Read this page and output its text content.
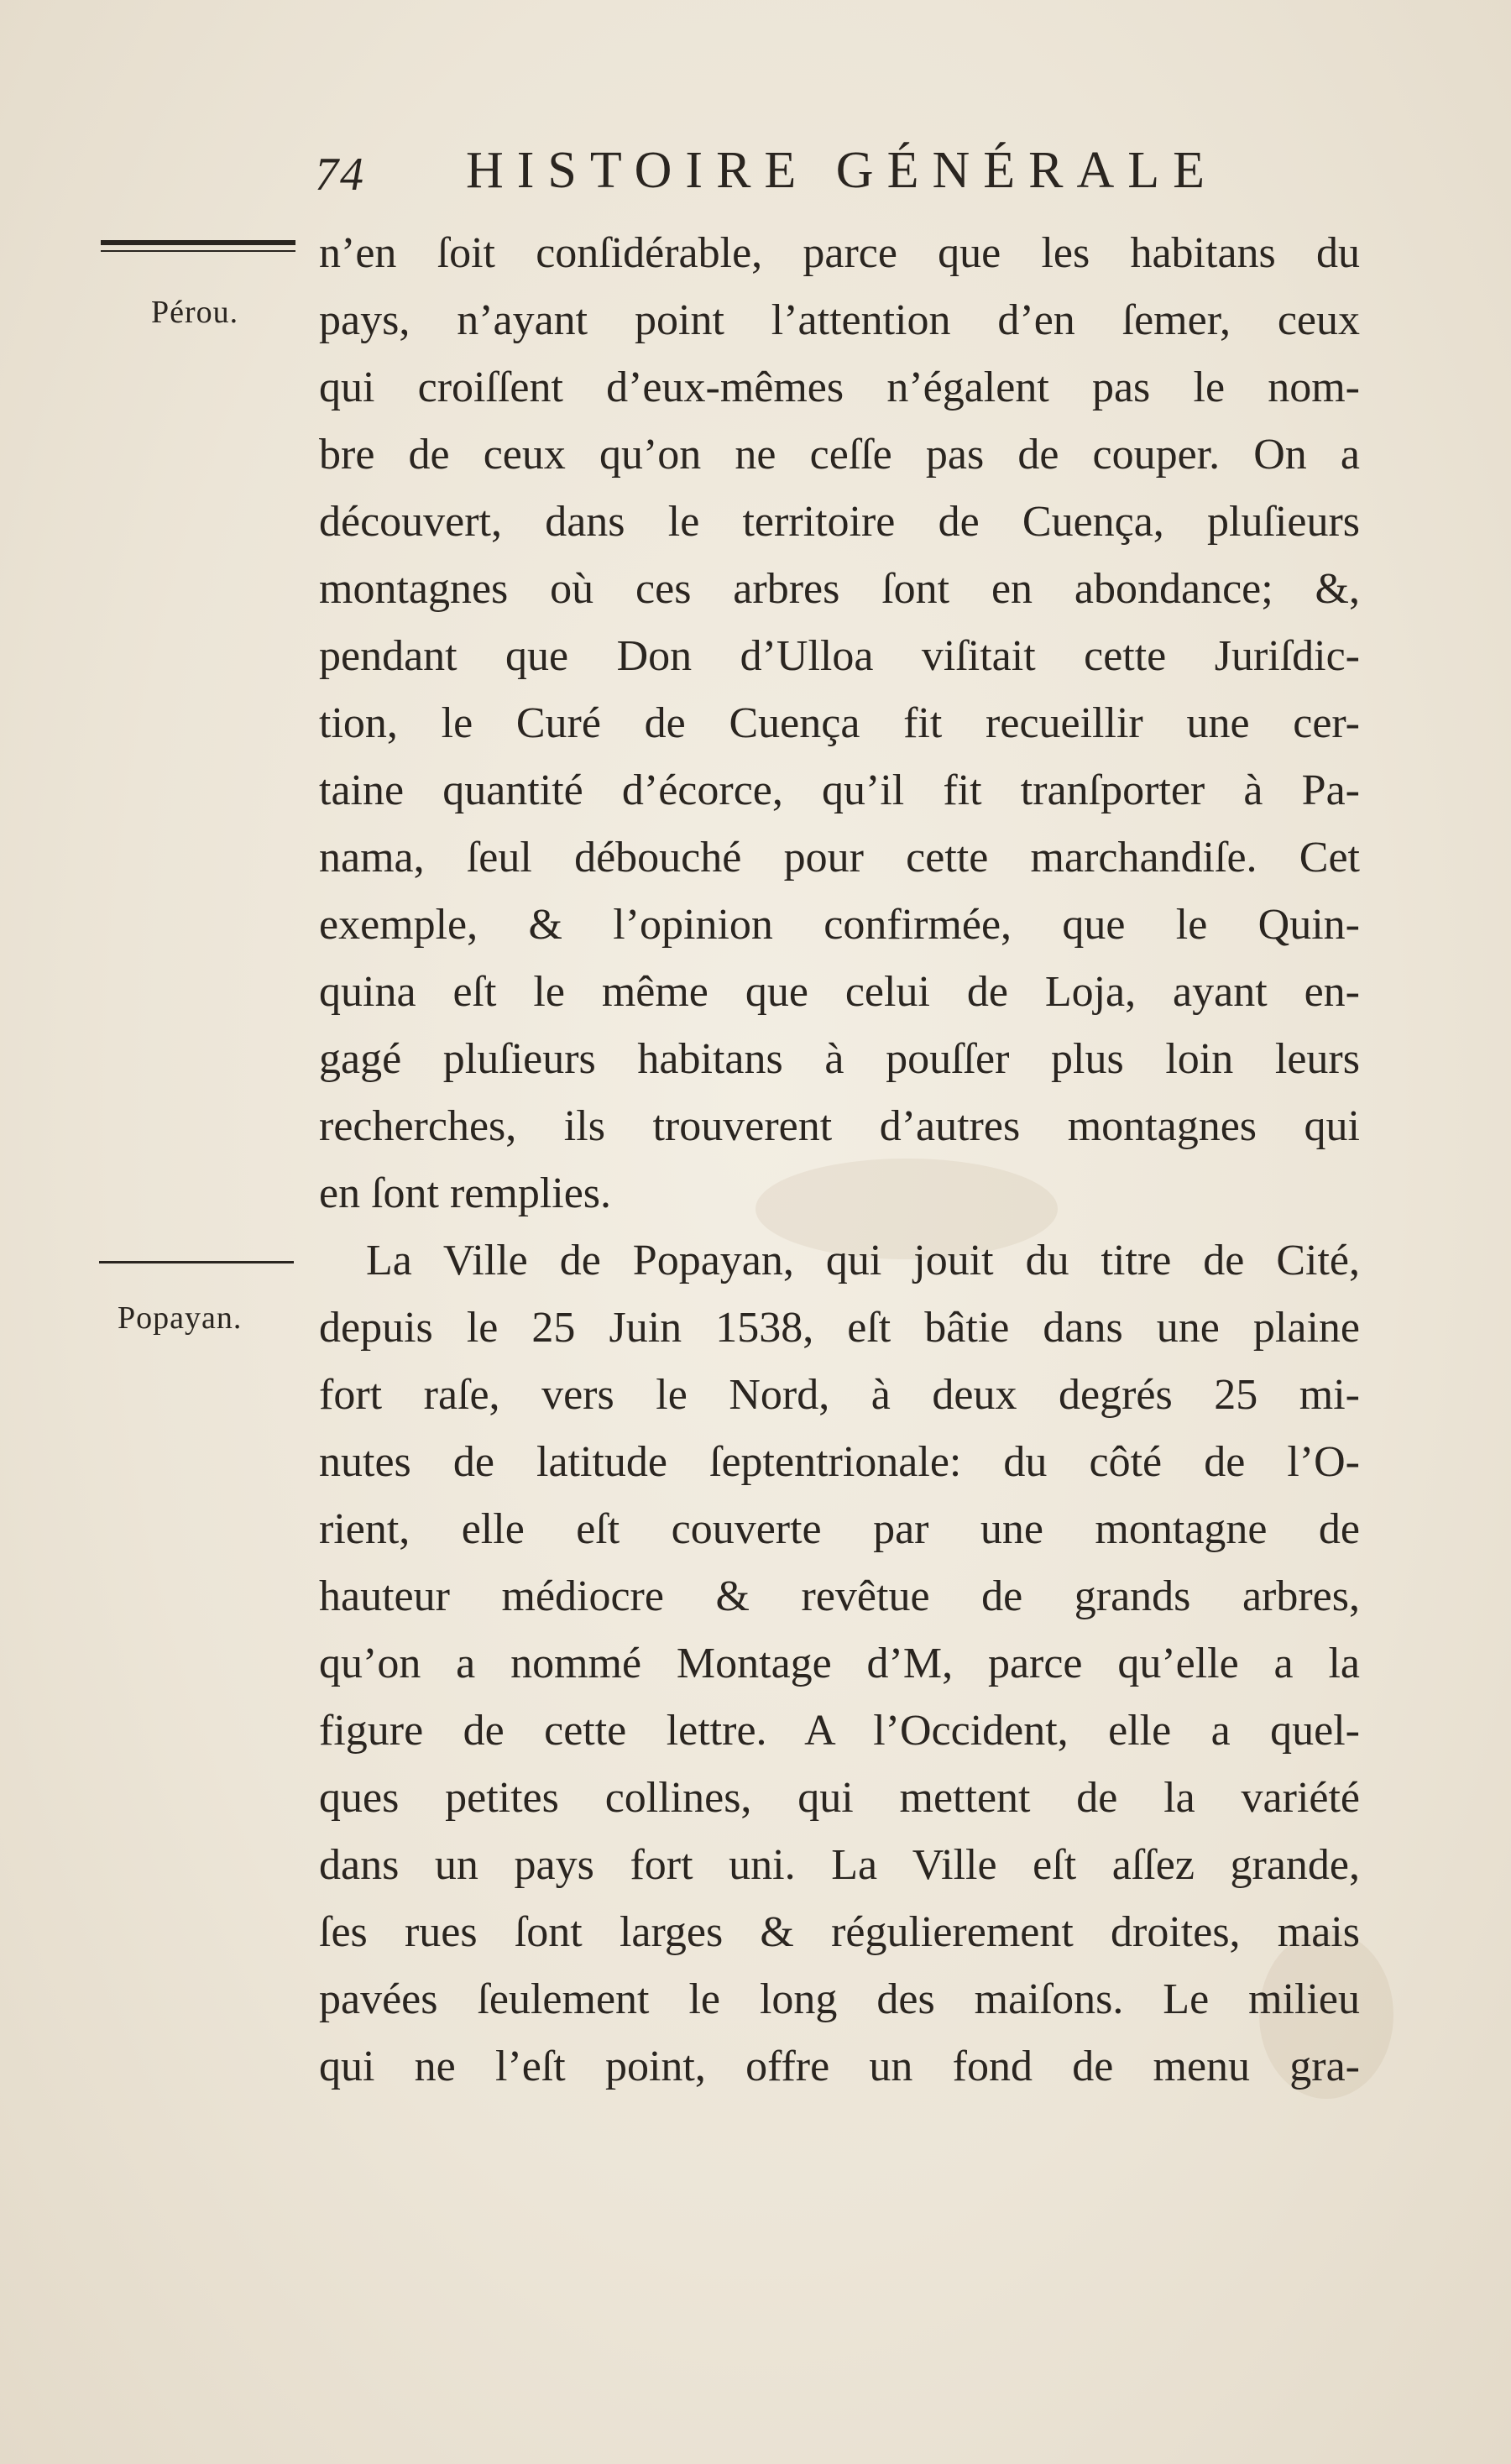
74 HISTOIRE GÉNÉRALE
Pérou.
Popayan.
n’en ſoit conſidérable, parce que les habitans du
pays, n’ayant point l’attention d’en ſemer, ceux
qui croiſſent d’eux-mêmes n’égalent pas le nom-
bre de ceux qu’on ne ceſſe pas de couper. On a
découvert, dans le territoire de Cuença, pluſieurs
montagnes où ces arbres ſont en abondance; &,
pendant que Don d’Ulloa viſitait cette Juriſdic-
tion, le Curé de Cuença fit recueillir une cer-
taine quantité d’écorce, qu’il fit tranſporter à Pa-
nama, ſeul débouché pour cette marchandiſe. Cet
exemple, & l’opinion confirmée, que le Quin-
quina eſt le même que celui de Loja, ayant en-
gagé pluſieurs habitans à pouſſer plus loin leurs
recherches, ils trouverent d’autres montagnes qui
en ſont remplies.
La Ville de Popayan, qui jouit du titre de Cité,
depuis le 25 Juin 1538, eſt bâtie dans une plaine
fort raſe, vers le Nord, à deux degrés 25 mi-
nutes de latitude ſeptentrionale: du côté de l’O-
rient, elle eſt couverte par une montagne de
hauteur médiocre & revêtue de grands arbres,
qu’on a nommé Montage d’M, parce qu’elle a la
figure de cette lettre. A l’Occident, elle a quel-
ques petites collines, qui mettent de la variété
dans un pays fort uni. La Ville eſt aſſez grande,
ſes rues ſont larges & régulierement droites, mais
pavées ſeulement le long des maiſons. Le milieu
qui ne l’eſt point, offre un fond de menu gra-
